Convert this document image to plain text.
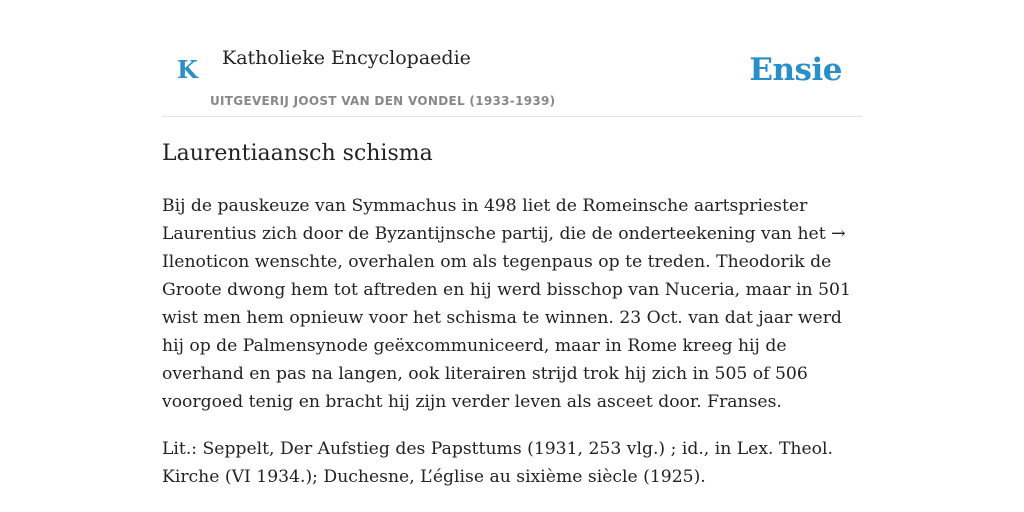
K Katholieke Encyclopaedie	Ensie
UITGEVERIJ JOOST VAN DEN VONDEL (1933-1939)
Laurentiaansch schisma

Bij de pauskeuze van Symmachus in 498 liet de Romeinsche aartspriester Laurentius zich door de Byzantijnsche partij, die de onderteekening van het → Ilenoticon wenschte, overhalen om als tegenpaus op te treden. Theodorik de Groote dwong hem tot aftreden en hij werd bisschop van Nuceria, maar in 501 wist men hem opnieuw voor het schisma te winnen. 23 Oct. van dat jaar werd hij op de Palmensynode geëxcommuniceerd, maar in Rome kreeg hij de overhand en pas na langen, ook literairen strijd trok hij zich in 505 of 506 voorgoed tenig en bracht hij zijn verder leven als asceet door. Franses.

Lit.: Seppelt, Der Aufstieg des Papsttums (1931, 253 vlg.) ; id., in Lex. Theol. Kirche (VI 1934.); Duchesne, L’église au sixième siècle (1925).
